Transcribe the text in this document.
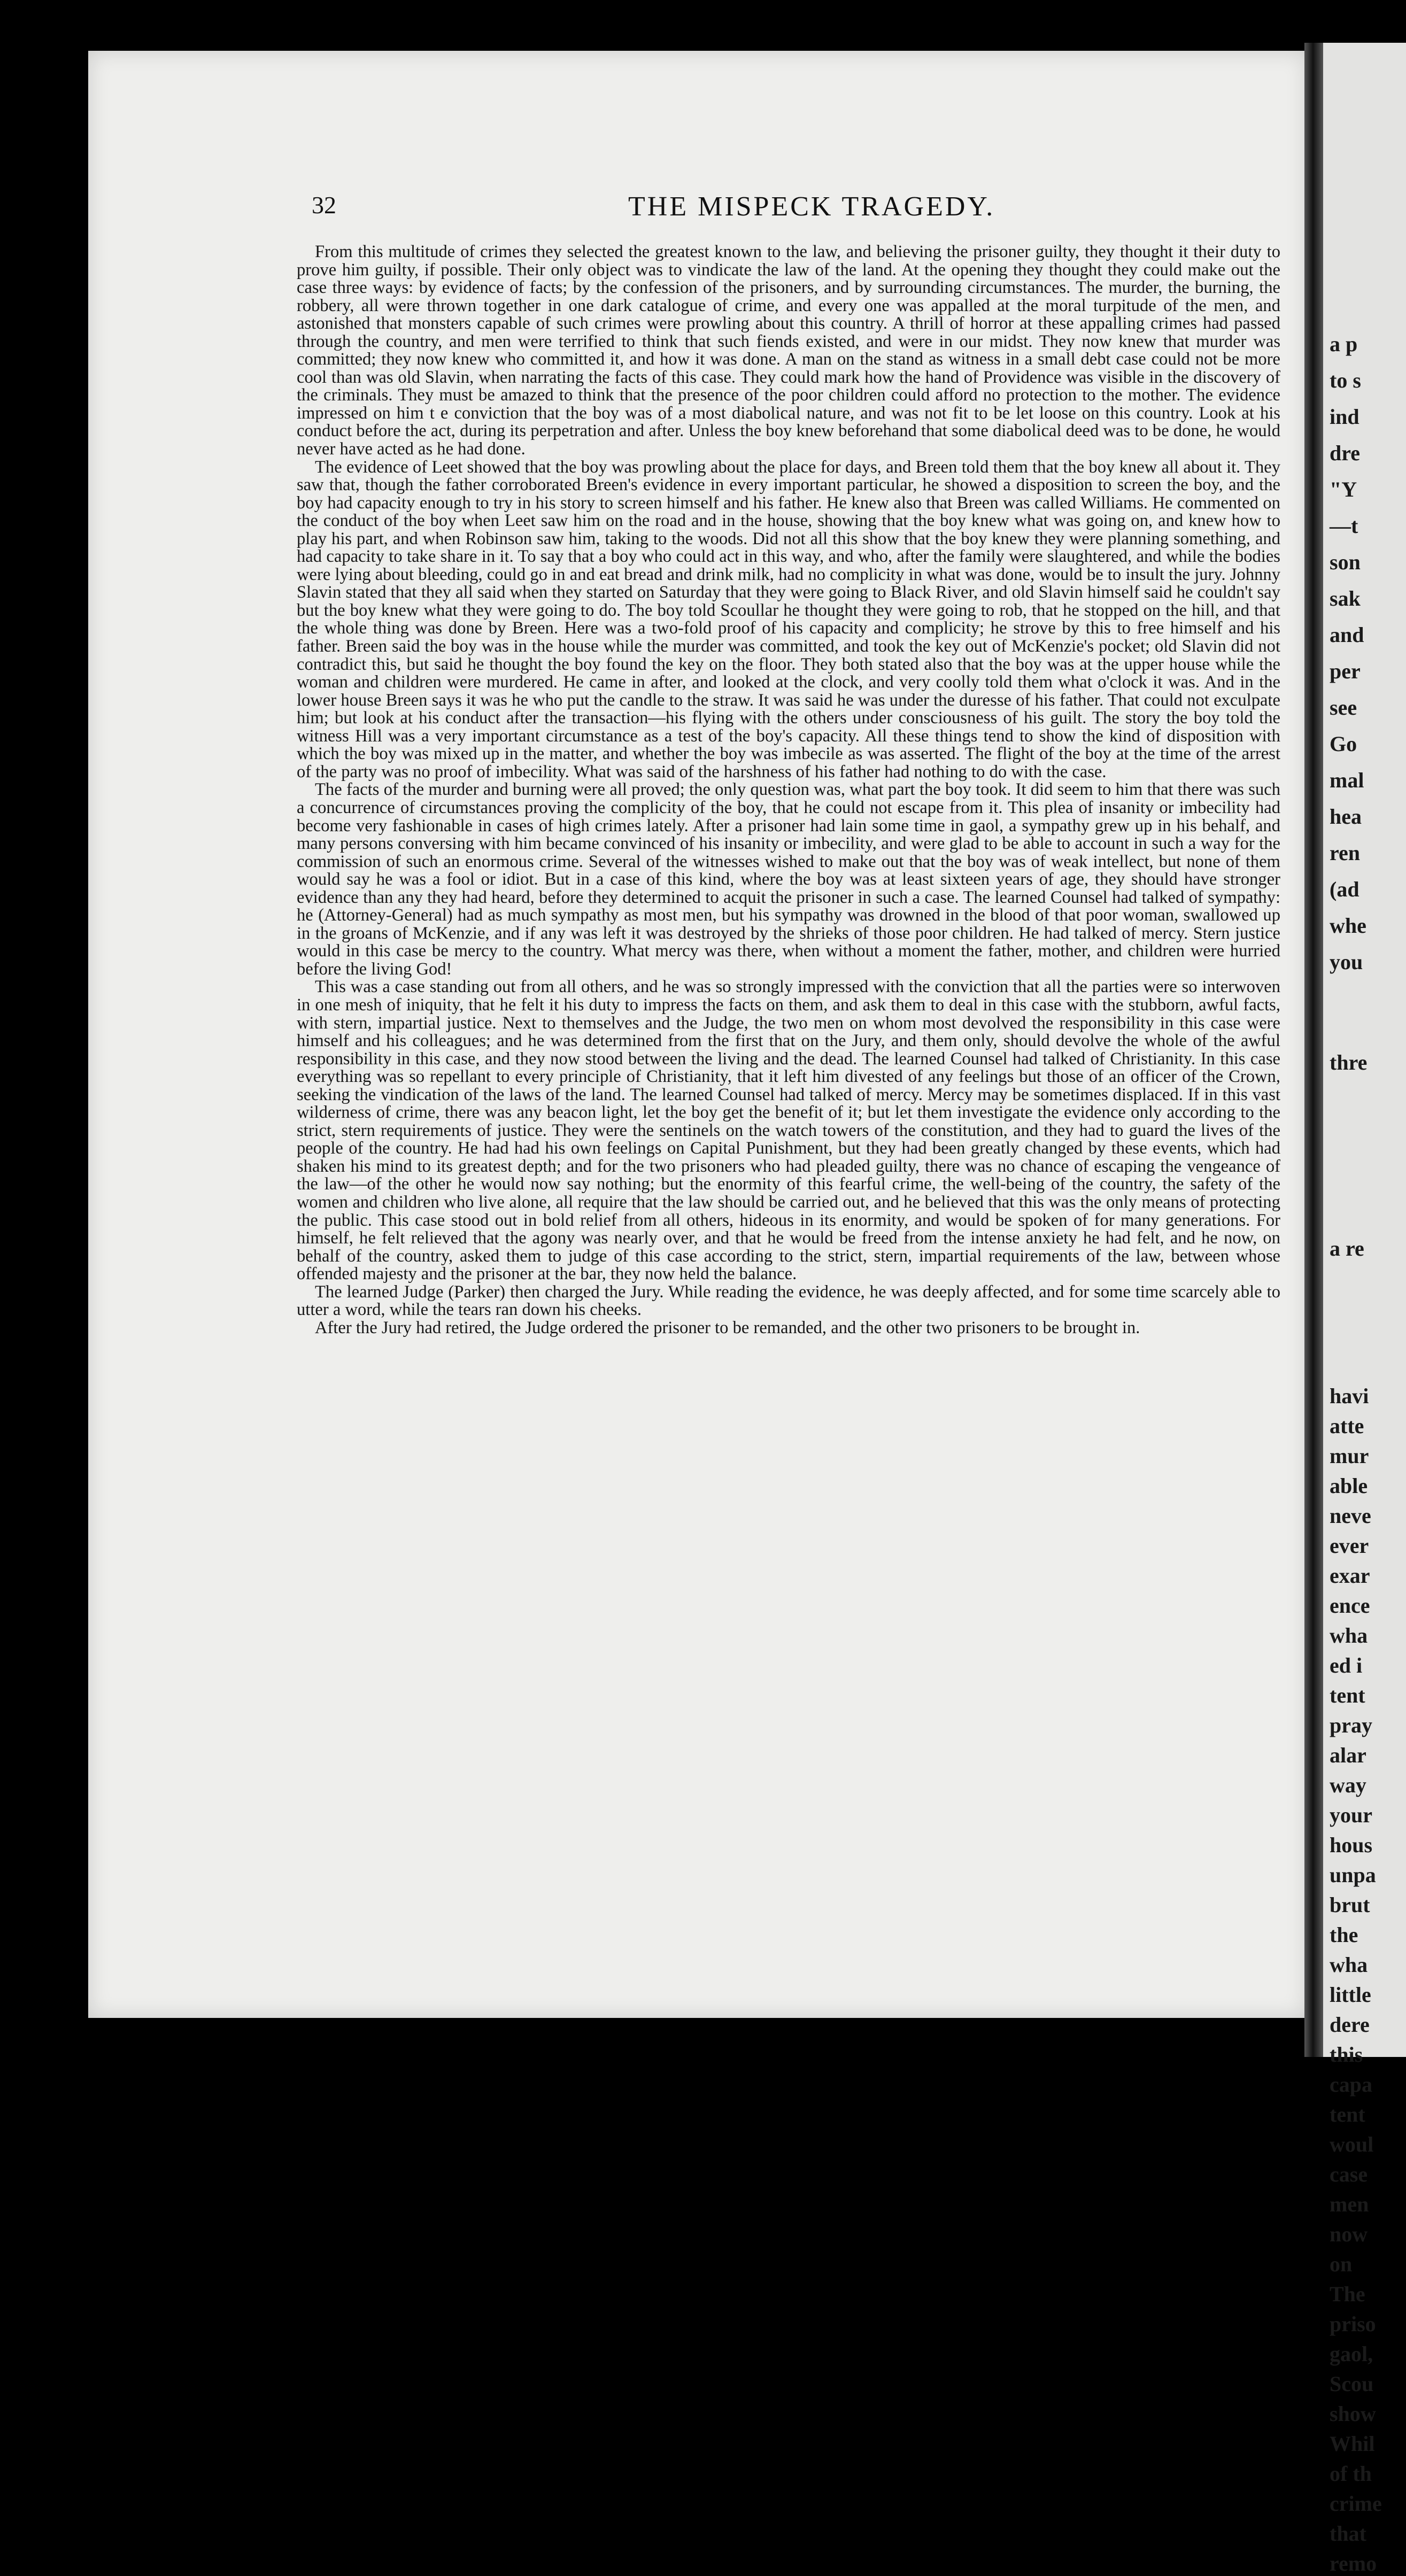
32	THE MISPECK TRAGEDY.

From this multitude of crimes they selected the greatest known to the law, and believing the prisoner guilty, they thought it their duty to prove him guilty, if possible. Their only object was to vindicate the law of the land. At the opening they thought they could make out the case three ways: by evidence of facts; by the confession of the prisoners, and by surrounding circumstances. The murder, the burning, the robbery, all were thrown together in one dark catalogue of crime, and every one was appalled at the moral turpitude of the men, and astonished that monsters capable of such crimes were prowling about this country. A thrill of horror at these appalling crimes had passed through the country, and men were terrified to think that such fiends existed, and were in our midst. They now knew that murder was committed; they now knew who committed it, and how it was done. A man on the stand as witness in a small debt case could not be more cool than was old Slavin, when narrating the facts of this case. They could mark how the hand of Providence was visible in the discovery of the criminals. They must be amazed to think that the presence of the poor children could afford no protection to the mother. The evidence impressed on him t e conviction that the boy was of a most diabolical nature, and was not fit to be let loose on this country. Look at his conduct before the act, during its perpetration and after. Unless the boy knew beforehand that some diabolical deed was to be done, he would never have acted as he had done.

The evidence of Leet showed that the boy was prowling about the place for days, and Breen told them that the boy knew all about it. They saw that, though the father corroborated Breen's evidence in every important particular, he showed a disposition to screen the boy, and the boy had capacity enough to try in his story to screen himself and his father. He knew also that Breen was called Williams. He commented on the conduct of the boy when Leet saw him on the road and in the house, showing that the boy knew what was going on, and knew how to play his part, and when Robinson saw him, taking to the woods. Did not all this show that the boy knew they were planning something, and had capacity to take share in it. To say that a boy who could act in this way, and who, after the family were slaughtered, and while the bodies were lying about bleeding, could go in and eat bread and drink milk, had no complicity in what was done, would be to insult the jury. Johnny Slavin stated that they all said when they started on Saturday that they were going to Black River, and old Slavin himself said he couldn't say but the boy knew what they were going to do. The boy told Scoullar he thought they were going to rob, that he stopped on the hill, and that the whole thing was done by Breen. Here was a two-fold proof of his capacity and complicity; he strove by this to free himself and his father. Breen said the boy was in the house while the murder was committed, and took the key out of McKenzie's pocket; old Slavin did not contradict this, but said he thought the boy found the key on the floor. They both stated also that the boy was at the upper house while the woman and children were murdered. He came in after, and looked at the clock, and very coolly told them what o'clock it was. And in the lower house Breen says it was he who put the candle to the straw. It was said he was under the duresse of his father. That could not exculpate him; but look at his conduct after the transaction—his flying with the others under consciousness of his guilt. The story the boy told the witness Hill was a very important circumstance as a test of the boy's capacity. All these things tend to show the kind of disposition with which the boy was mixed up in the matter, and whether the boy was imbecile as was asserted. The flight of the boy at the time of the arrest of the party was no proof of imbecility. What was said of the harshness of his father had nothing to do with the case.

The facts of the murder and burning were all proved; the only question was, what part the boy took. It did seem to him that there was such a concurrence of circumstances proving the complicity of the boy, that he could not escape from it. This plea of insanity or imbecility had become very fashionable in cases of high crimes lately. After a prisoner had lain some time in gaol, a sympathy grew up in his behalf, and many persons conversing with him became convinced of his insanity or imbecility, and were glad to be able to account in such a way for the commission of such an enormous crime. Several of the witnesses wished to make out that the boy was of weak intellect, but none of them would say he was a fool or idiot. But in a case of this kind, where the boy was at least sixteen years of age, they should have stronger evidence than any they had heard, before they determined to acquit the prisoner in such a case. The learned Counsel had talked of sympathy: he (Attorney-General) had as much sympathy as most men, but his sympathy was drowned in the blood of that poor woman, swallowed up in the groans of McKenzie, and if any was left it was destroyed by the shrieks of those poor children. He had talked of mercy. Stern justice would in this case be mercy to the country. What mercy was there, when without a moment the father, mother, and children were hurried before the living God!

This was a case standing out from all others, and he was so strongly impressed with the conviction that all the parties were so interwoven in one mesh of iniquity, that he felt it his duty to impress the facts on them, and ask them to deal in this case with the stubborn, awful facts, with stern, impartial justice. Next to themselves and the Judge, the two men on whom most devolved the responsibility in this case were himself and his colleagues; and he was determined from the first that on the Jury, and them only, should devolve the whole of the awful responsibility in this case, and they now stood between the living and the dead. The learned Counsel had talked of Christianity. In this case everything was so repellant to every principle of Christianity, that it left him divested of any feelings but those of an officer of the Crown, seeking the vindication of the laws of the land. The learned Counsel had talked of mercy. Mercy may be sometimes displaced. If in this vast wilderness of crime, there was any beacon light, let the boy get the benefit of it; but let them investigate the evidence only according to the strict, stern requirements of justice. They were the sentinels on the watch towers of the constitution, and they had to guard the lives of the people of the country. He had had his own feelings on Capital Punishment, but they had been greatly changed by these events, which had shaken his mind to its greatest depth; and for the two prisoners who had pleaded guilty, there was no chance of escaping the vengeance of the law—of the other he would now say nothing; but the enormity of this fearful crime, the well-being of the country, the safety of the women and children who live alone, all require that the law should be carried out, and he believed that this was the only means of protecting the public. This case stood out in bold relief from all others, hideous in its enormity, and would be spoken of for many generations. For himself, he felt relieved that the agony was nearly over, and that he would be freed from the intense anxiety he had felt, and he now, on behalf of the country, asked them to judge of this case according to the strict, stern, impartial requirements of the law, between whose offended majesty and the prisoner at the bar, they now held the balance.

The learned Judge (Parker) then charged the Jury. While reading the evidence, he was deeply affected, and for some time scarcely able to utter a word, while the tears ran down his cheeks.

After the Jury had retired, the Judge ordered the prisoner to be remanded, and the other two prisoners to be brought in.

a p
to s
ind
dre
"Y
—t
son
sak
and
per
see
Go
mal
hea
ren
(ad
whe
you
thre
a re
havi
atte
mur
able
neve
ever
exar
ence
wha
ed i
tent
pray
alar
way
your
hous
unpa
brut
the
wha
little
dere
this
capa
tent
woul
case
men
now
on
The
priso
gaol,
Scou
show
Whil
of th
crime
that
remo
